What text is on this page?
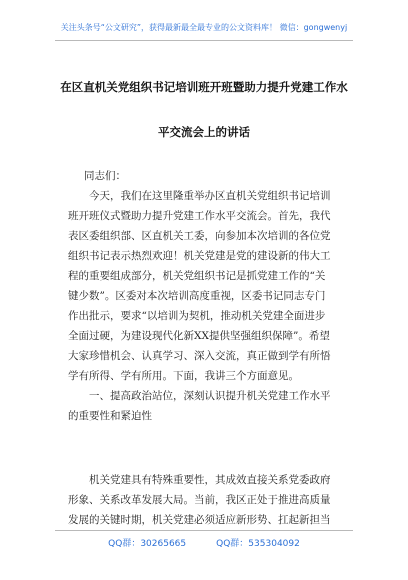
关注头条号“公文研究”，获得最新最全最专业的公文资料库！ 微信：gongwenyj
在区直机关党组织书记培训班开班暨助力提升党建工作水
平交流会上的讲话
同志们：
今天，我们在这里隆重举办区直机关党组织书记培训
班开班仪式暨助力提升党建工作水平交流会。首先，我代
表区委组织部、区直机关工委，向参加本次培训的各位党
组织书记表示热烈欢迎！机关党建是党的建设新的伟大工
程的重要组成部分，机关党组织书记是抓党建工作的“关
键少数”。区委对本次培训高度重视，区委书记同志专门
作出批示，要求“以培训为契机，推动机关党建全面进步
全面过硬，为建设现代化新XX提供坚强组织保障”。希望
大家珍惜机会、认真学习、深入交流，真正做到学有所悟
学有所得、学有所用。下面，我讲三个方面意见。
一、提高政治站位，深刻认识提升机关党建工作水平
的重要性和紧迫性
机关党建具有特殊重要性，其成效直接关系党委政府
形象、关系改革发展大局。当前，我区正处于推进高质量
发展的关键时期，机关党建必须适应新形势、扛起新担当
QQ群：30265665	QQ群：535304092
